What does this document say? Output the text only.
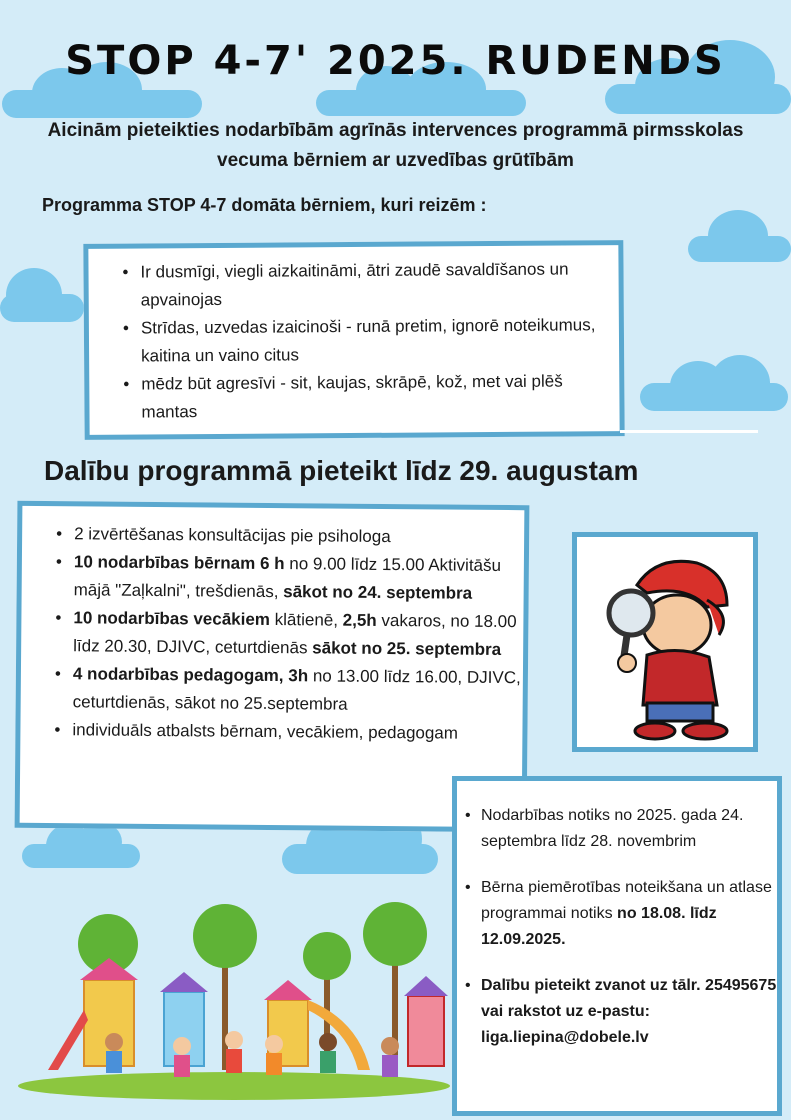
STOP 4-7' 2025. RUDENDS

Aicinām pieteikties nodarbībām agrīnās intervences programmā pirmsskolas vecuma bērniem ar uzvedības grūtībām

Programma STOP 4-7 domāta bērniem, kuri reizēm :

• Ir dusmīgi, viegli aizkaitināmi, ātri zaudē savaldīšanos un apvainojas
• Strīdas, uzvedas izaicinoši - runā pretim, ignorē noteikumus, kaitina un vaino citus
• mēdz būt agresīvi - sit, kaujas, skrāpē, kož, met vai plēš mantas
Dalību programmā pieteikt līdz 29. augustam
• 2 izvērtēšanas konsultācijas pie psihologa
• 10 nodarbības bērnam 6 h no 9.00 līdz 15.00 Aktivitāšu mājā "Zaļkalni", trešdienās, sākot no 24. septembra
• 10 nodarbības vecākiem klātienē, 2,5h vakaros, no 18.00 līdz 20.30, DJIVC, ceturtdienās sākot no 25. septembra
• 4 nodarbības pedagogam, 3h no 13.00 līdz 16.00, DJIVC, ceturtdienās, sākot no 25.septembra
• individuāls atbalsts bērnam, vecākiem, pedagogam
• Nodarbības notiks no 2025. gada 24. septembra līdz 28. novembrim
• Bērna piemērotības noteikšana un atlase programmai notiks no 18.08. līdz 12.09.2025.
• Dalību pieteikt zvanot uz tālr. 25495675 vai rakstot uz e-pastu: liga.liepina@dobele.lv
